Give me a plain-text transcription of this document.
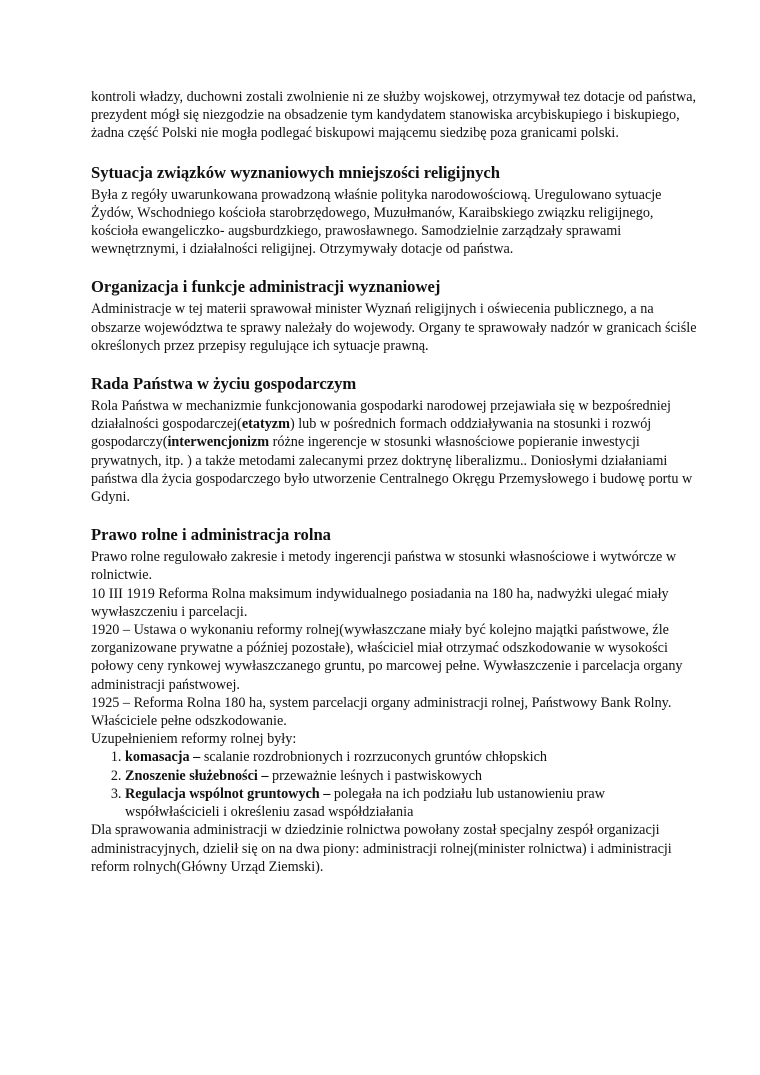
kontroli władzy, duchowni zostali zwolnienie ni ze służby wojskowej, otrzymywał tez dotacje od państwa, prezydent mógł się niezgodzie na obsadzenie tym kandydatem stanowiska arcybiskupiego i biskupiego, żadna część Polski nie mogła podlegać biskupowi mającemu siedzibę poza granicami polski.

Sytuacja związków wyznaniowych mniejszości religijnych

Była z regóły uwarunkowana prowadzoną właśnie polityka narodowościową. Uregulowano sytuacje Żydów, Wschodniego kościoła starobrzędowego, Muzułmanów, Karaibskiego związku religijnego, kościoła ewangeliczko- augsburdzkiego, prawosławnego. Samodzielnie zarządzały sprawami wewnętrznymi, i działalności religijnej. Otrzymywały dotacje od państwa.

Organizacja i funkcje administracji wyznaniowej

Administracje w tej materii sprawował minister Wyznań religijnych i oświecenia publicznego, a na obszarze województwa te sprawy należały do wojewody. Organy te sprawowały nadzór w granicach ściśle określonych przez przepisy regulujące ich sytuacje prawną.

Rada Państwa w życiu gospodarczym

Rola Państwa w mechanizmie funkcjonowania gospodarki narodowej przejawiała się w bezpośredniej działalności gospodarczej(etatyzm) lub w pośrednich formach oddziaływania na stosunki i rozwój gospodarczy(interwencjonizm różne ingerencje w stosunki własnościowe popieranie inwestycji prywatnych, itp. ) a także metodami zalecanymi przez doktrynę liberalizmu.. Doniosłymi działaniami państwa dla życia gospodarczego było utworzenie Centralnego Okręgu Przemysłowego i budowę portu w Gdyni.

Prawo rolne i administracja rolna

Prawo rolne regulowało zakresie i metody ingerencji państwa w stosunki własnościowe i wytwórcze w rolnictwie.

10 III 1919 Reforma Rolna maksimum indywidualnego posiadania na 180 ha, nadwyżki ulegać miały wywłaszczeniu i parcelacji.

1920 – Ustawa o wykonaniu reformy rolnej(wywłaszczane miały być kolejno majątki państwowe, źle zorganizowane prywatne a później pozostałe), właściciel miał otrzymać odszkodowanie w wysokości połowy ceny rynkowej wywłaszczanego gruntu, po marcowej pełne. Wywłaszczenie i parcelacja organy administracji państwowej.

1925 – Reforma Rolna 180 ha, system parcelacji organy administracji rolnej, Państwowy Bank Rolny. Właściciele pełne odszkodowanie.

Uzupełnieniem reformy rolnej były:

1. komasacja – scalanie rozdrobnionych i rozrzuconych gruntów chłopskich
2. Znoszenie służebności – przeważnie leśnych i pastwiskowych
3. Regulacja wspólnot gruntowych – polegała na ich podziału lub ustanowieniu praw współwłaścicieli i określeniu zasad współdziałania

Dla sprawowania administracji w dziedzinie rolnictwa powołany został specjalny zespół organizacji administracyjnych, dzielił się on na dwa piony: administracji rolnej(minister rolnictwa) i administracji reform rolnych(Główny Urząd Ziemski).
